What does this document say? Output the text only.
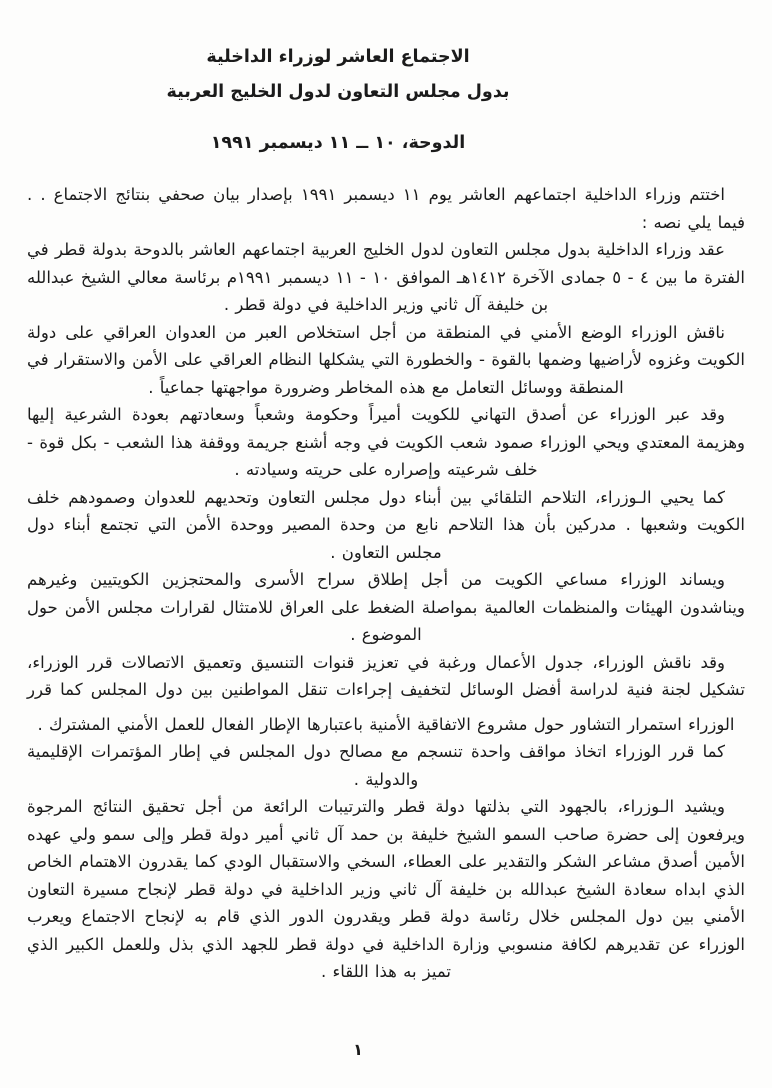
الاجتماع العاشر لوزراء الداخلية
بدول مجلس التعاون لدول الخليج العربية
الدوحة، ١٠ ــ ١١ ديسمبر ١٩٩١

اختتم وزراء الداخلية اجتماعهم العاشر يوم ١١ ديسمبر ١٩٩١ بإصدار بيان صحفي بنتائج الاجتماع . . فيما يلي نصه :

عقد وزراء الداخلية بدول مجلس التعاون لدول الخليج العربية اجتماعهم العاشر بالدوحة بدولة قطر في الفترة ما بين ٤ - ٥ جمادى الآخرة ١٤١٢هـ الموافق ١٠ - ١١ ديسمبر ١٩٩١م برئاسة معالي الشيخ عبدالله بن خليفة آل ثاني وزير الداخلية في دولة قطر .

ناقش الوزراء الوضع الأمني في المنطقة من أجل استخلاص العبر من العدوان العراقي على دولة الكويت وغزوه لأراضيها وضمها بالقوة - والخطورة التي يشكلها النظام العراقي على الأمن والاستقرار في المنطقة ووسائل التعامل مع هذه المخاطر وضرورة مواجهتها جماعياً .

وقد عبر الوزراء عن أصدق التهاني للكويت أميراً وحكومة وشعباً وسعادتهم بعودة الشرعية إليها وهزيمة المعتدي ويحي الوزراء صمود شعب الكويت في وجه أشنع جريمة ووقفة هذا الشعب - بكل قوة - خلف شرعيته وإصراره على حريته وسيادته .

كما يحيي الـوزراء، التلاحم التلقائي بين أبناء دول مجلس التعاون وتحديهم للعدوان وصمودهم خلف الكويت وشعبها . مدركين بأن هذا التلاحم نابع من وحدة المصير ووحدة الأمن التي تجتمع أبناء دول مجلس التعاون .

ويساند الوزراء مساعي الكويت من أجل إطلاق سراح الأسرى والمحتجزين الكويتيين وغيرهم ويناشدون الهيئات والمنظمات العالمية بمواصلة الضغط على العراق للامتثال لقرارات مجلس الأمن حول الموضوع .

وقد ناقش الوزراء، جدول الأعمال ورغبة في تعزيز قنوات التنسيق وتعميق الاتصالات قرر الوزراء، تشكيل لجنة فنية لدراسة أفضل الوسائل لتخفيف إجراءات تنقل المواطنين بين دول المجلس كما قرر

الوزراء استمرار التشاور حول مشروع الاتفاقية الأمنية باعتبارها الإطار الفعال للعمل الأمني المشترك .

كما قرر الوزراء اتخاذ مواقف واحدة تنسجم مع مصالح دول المجلس في إطار المؤتمرات الإقليمية والدولية .

ويشيد الـوزراء، بالجهود التي بذلتها دولة قطر والترتيبات الرائعة من أجل تحقيق النتائج المرجوة ويرفعون إلى حضرة صاحب السمو الشيخ خليفة بن حمد آل ثاني أمير دولة قطر وإلى سمو ولي عهده الأمين أصدق مشاعر الشكر والتقدير على العطاء، السخي والاستقبال الودي كما يقدرون الاهتمام الخاص الذي ابداه سعادة الشيخ عبدالله بن خليفة آل ثاني وزير الداخلية في دولة قطر لإنجاح مسيرة التعاون الأمني بين دول المجلس خلال رئاسة دولة قطر ويقدرون الدور الذي قام به لإنجاح الاجتماع ويعرب الوزراء عن تقديرهم لكافة منسوبي وزارة الداخلية في دولة قطر للجهد الذي بذل وللعمل الكبير الذي تميز به هذا اللقاء .

١
